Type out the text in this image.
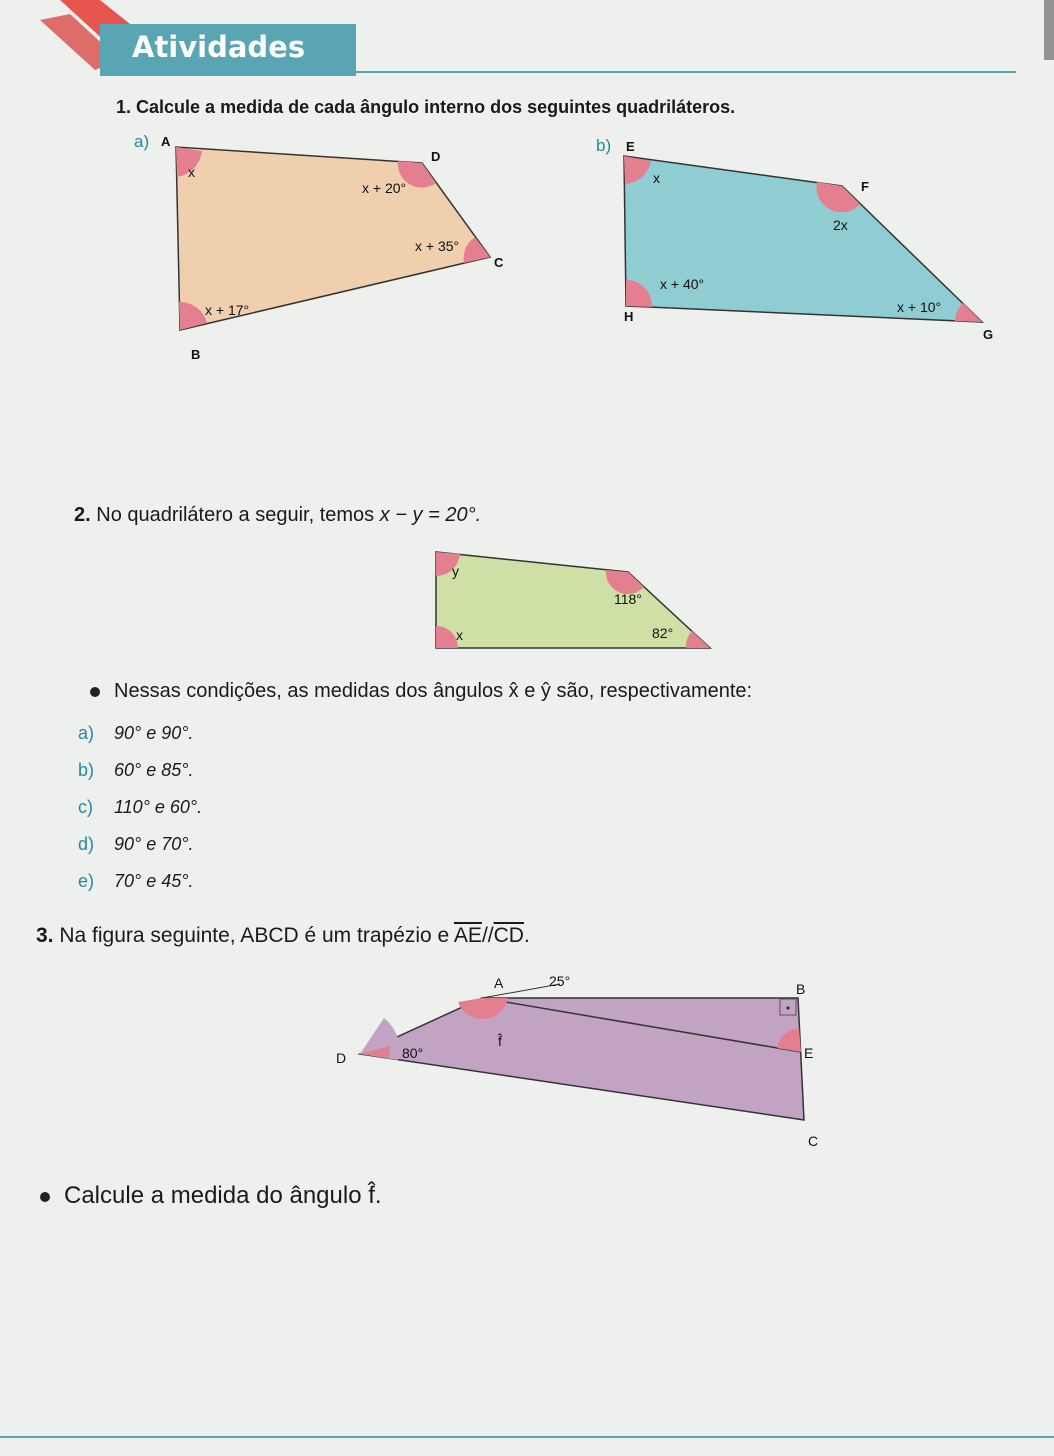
Atividades
1. Calcule a medida de cada ângulo interno dos seguintes quadriláteros.
a) A
B
C
D
x
x + 17°
x + 35°
x + 20°
b) E
F
G
H
x
2x
x + 10°
x + 40°
2. No quadrilátero a seguir, temos x − y = 20°.
y
118°
x	82°
Nessas condições, as medidas dos ângulos x̂ e ŷ são, respectivamente:
a) 90° e 90°.
b) 60° e 85°.
c) 110° e 60°.
d) 90° e 70°.
e) 70° e 45°.
3. Na figura seguinte, ABCD é um trapézio e $\overline{AE}//\overline{CD}$.
A	B
C
D	E
25°
80°
f̂
Calcule a medida do ângulo f̂.
